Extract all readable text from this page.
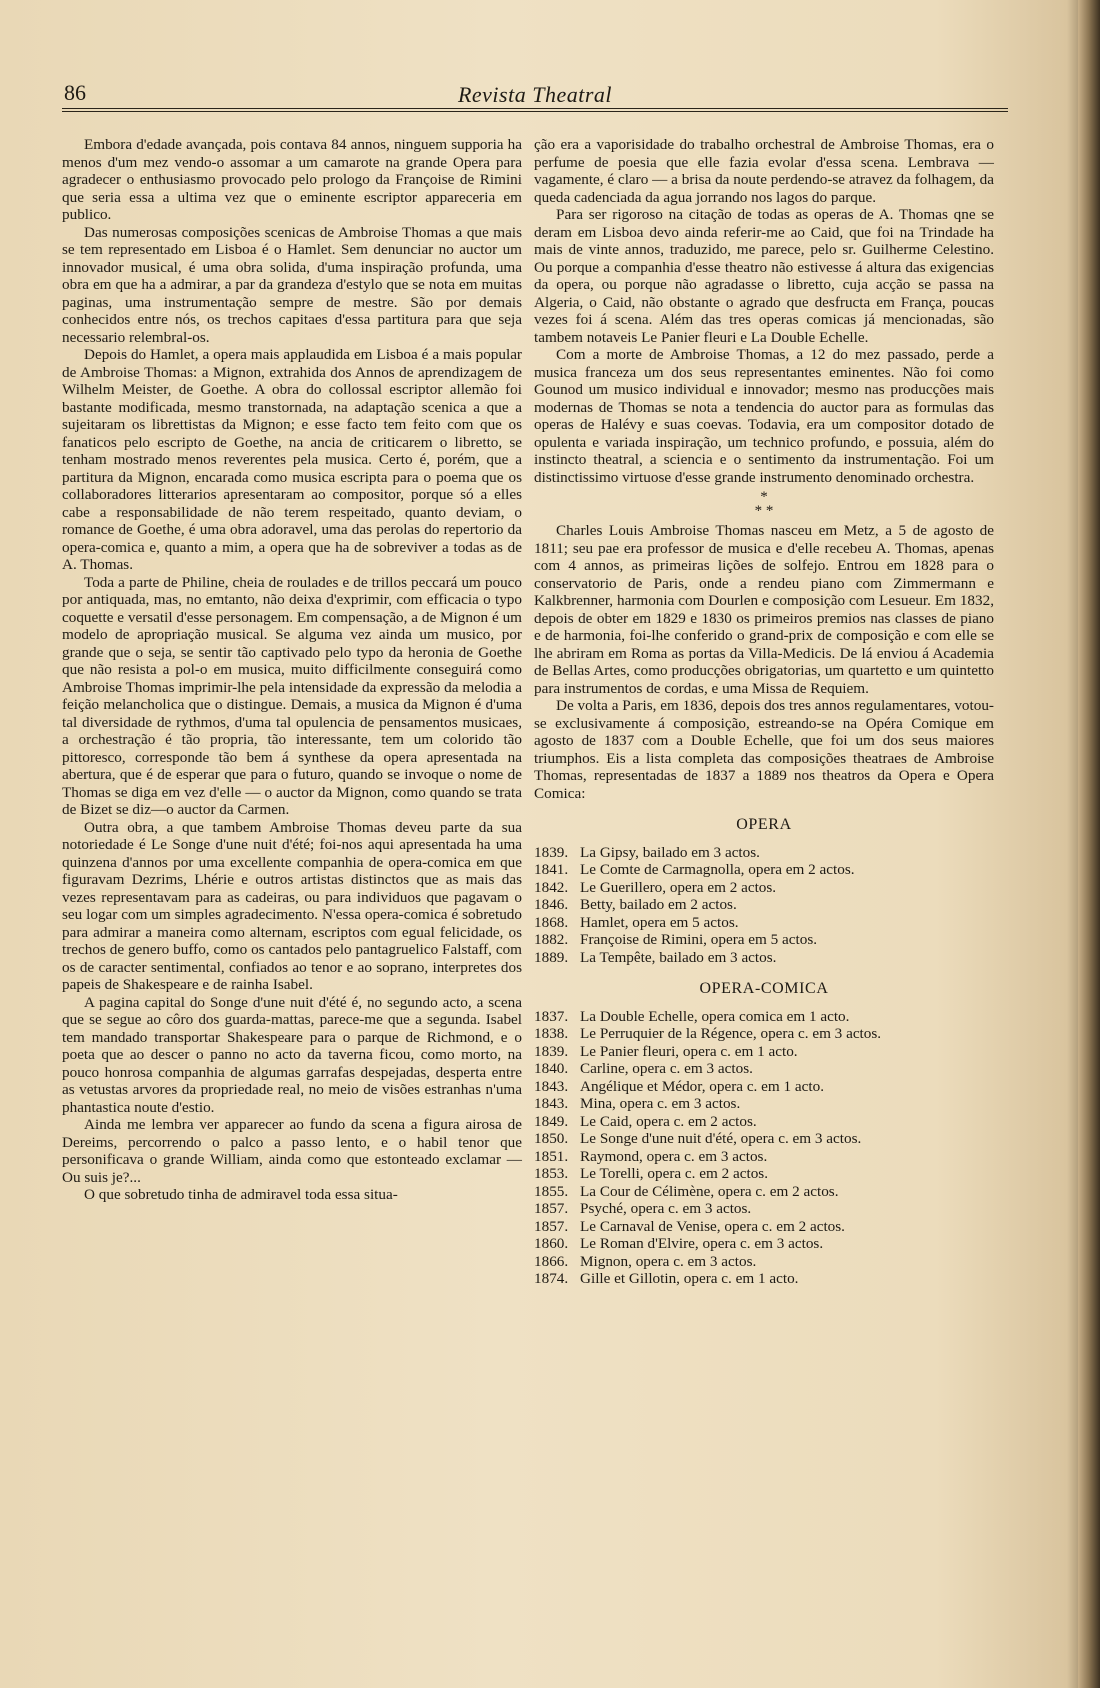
86	Revista Theatral

Embora d'edade avançada, pois contava 84 annos, ninguem supporia ha menos d'um mez vendo-o assomar a um camarote na grande Opera para agradecer o enthusiasmo provocado pelo prologo da Françoise de Rimini que seria essa a ultima vez que o eminente escriptor appareceria em publico.

Das numerosas composições scenicas de Ambroise Thomas a que mais se tem representado em Lisboa é o Hamlet. Sem denunciar no auctor um innovador musical, é uma obra solida, d'uma inspiração profunda, uma obra em que ha a admirar, a par da grandeza d'estylo que se nota em muitas paginas, uma instrumentação sempre de mestre. São por demais conhecidos entre nós, os trechos capitaes d'essa partitura para que seja necessario relembral-os.

Depois do Hamlet, a opera mais applaudida em Lisboa é a mais popular de Ambroise Thomas: a Mignon, extrahida dos Annos de aprendizagem de Wilhelm Meister, de Goethe. A obra do collossal escriptor allemão foi bastante modificada, mesmo transtornada, na adaptação scenica a que a sujeitaram os librettistas da Mignon; e esse facto tem feito com que os fanaticos pelo escripto de Goethe, na ancia de criticarem o libretto, se tenham mostrado menos reverentes pela musica. Certo é, porém, que a partitura da Mignon, encarada como musica escripta para o poema que os collaboradores litterarios apresentaram ao compositor, porque só a elles cabe a responsabilidade de não terem respeitado, quanto deviam, o romance de Goethe, é uma obra adoravel, uma das perolas do repertorio da opera-comica e, quanto a mim, a opera que ha de sobreviver a todas as de A. Thomas.

Toda a parte de Philine, cheia de roulades e de trillos peccará um pouco por antiquada, mas, no emtanto, não deixa d'exprimir, com efficacia o typo coquette e versatil d'esse personagem. Em compensação, a de Mignon é um modelo de apropriação musical. Se alguma vez ainda um musico, por grande que o seja, se sentir tão captivado pelo typo da heronia de Goethe que não resista a pol-o em musica, muito difficilmente conseguirá como Ambroise Thomas imprimir-lhe pela intensidade da expressão da melodia a feição melancholica que o distingue. Demais, a musica da Mignon é d'uma tal diversidade de rythmos, d'uma tal opulencia de pensamentos musicaes, a orchestração é tão propria, tão interessante, tem um colorido tão pittoresco, corresponde tão bem á synthese da opera apresentada na abertura, que é de esperar que para o futuro, quando se invoque o nome de Thomas se diga em vez d'elle — o auctor da Mignon, como quando se trata de Bizet se diz—o auctor da Carmen.

Outra obra, a que tambem Ambroise Thomas deveu parte da sua notoriedade é Le Songe d'une nuit d'été; foi-nos aqui apresentada ha uma quinzena d'annos por uma excellente companhia de opera-comica em que figuravam Dezrims, Lhérie e outros artistas distinctos que as mais das vezes representavam para as cadeiras, ou para individuos que pagavam o seu logar com um simples agradecimento. N'essa opera-comica é sobretudo para admirar a maneira como alternam, escriptos com egual felicidade, os trechos de genero buffo, como os cantados pelo pantagruelico Falstaff, com os de caracter sentimental, confiados ao tenor e ao soprano, interpretes dos papeis de Shakespeare e de rainha Isabel.

A pagina capital do Songe d'une nuit d'été é, no segundo acto, a scena que se segue ao côro dos guarda-mattas, parece-me que a segunda. Isabel tem mandado transportar Shakespeare para o parque de Richmond, e o poeta que ao descer o panno no acto da taverna ficou, como morto, na pouco honrosa companhia de algumas garrafas despejadas, desperta entre as vetustas arvores da propriedade real, no meio de visões estranhas n'uma phantastica noute d'estio.

Ainda me lembra ver apparecer ao fundo da scena a figura airosa de Dereims, percorrendo o palco a passo lento, e o habil tenor que personificava o grande William, ainda como que estonteado exclamar — Ou suis je?...

O que sobretudo tinha de admiravel toda essa situa-

ção era a vaporisidade do trabalho orchestral de Ambroise Thomas, era o perfume de poesia que elle fazia evolar d'essa scena. Lembrava — vagamente, é claro — a brisa da noute perdendo-se atravez da folhagem, da queda cadenciada da agua jorrando nos lagos do parque.

Para ser rigoroso na citação de todas as operas de A. Thomas qne se deram em Lisboa devo ainda referir-me ao Caid, que foi na Trindade ha mais de vinte annos, traduzido, me parece, pelo sr. Guilherme Celestino. Ou porque a companhia d'esse theatro não estivesse á altura das exigencias da opera, ou porque não agradasse o libretto, cuja acção se passa na Algeria, o Caid, não obstante o agrado que desfructa em França, poucas vezes foi á scena. Além das tres operas comicas já mencionadas, são tambem notaveis Le Panier fleuri e La Double Echelle.

Com a morte de Ambroise Thomas, a 12 do mez passado, perde a musica franceza um dos seus representantes eminentes. Não foi como Gounod um musico individual e innovador; mesmo nas producções mais modernas de Thomas se nota a tendencia do auctor para as formulas das operas de Halévy e suas coevas. Todavia, era um compositor dotado de opulenta e variada inspiração, um technico profundo, e possuia, além do instincto theatral, a sciencia e o sentimento da instrumentação. Foi um distinctissimo virtuose d'esse grande instrumento denominado orchestra.

*
* *

Charles Louis Ambroise Thomas nasceu em Metz, a 5 de agosto de 1811; seu pae era professor de musica e d'elle recebeu A. Thomas, apenas com 4 annos, as primeiras lições de solfejo. Entrou em 1828 para o conservatorio de Paris, onde a rendeu piano com Zimmermann e Kalkbrenner, harmonia com Dourlen e composição com Lesueur. Em 1832, depois de obter em 1829 e 1830 os primeiros premios nas classes de piano e de harmonia, foi-lhe conferido o grand-prix de composição e com elle se lhe abriram em Roma as portas da Villa-Medicis. De lá enviou á Academia de Bellas Artes, como producções obrigatorias, um quartetto e um quintetto para instrumentos de cordas, e uma Missa de Requiem.

De volta a Paris, em 1836, depois dos tres annos regulamentares, votou-se exclusivamente á composição, estreando-se na Opéra Comique em agosto de 1837 com a Double Echelle, que foi um dos seus maiores triumphos. Eis a lista completa das composições theatraes de Ambroise Thomas, representadas de 1837 a 1889 nos theatros da Opera e Opera Comica:

OPERA
1839. La Gipsy, bailado em 3 actos.
1841. Le Comte de Carmagnolla, opera em 2 actos.
1842. Le Guerillero, opera em 2 actos.
1846. Betty, bailado em 2 actos.
1868. Hamlet, opera em 5 actos.
1882. Françoise de Rimini, opera em 5 actos.
1889. La Tempête, bailado em 3 actos.
OPERA-COMICA
1837. La Double Echelle, opera comica em 1 acto.
1838. Le Perruquier de la Régence, opera c. em 3 actos.
1839. Le Panier fleuri, opera c. em 1 acto.
1840. Carline, opera c. em 3 actos.
1843. Angélique et Médor, opera c. em 1 acto.
1843. Mina, opera c. em 3 actos.
1849. Le Caid, opera c. em 2 actos.
1850. Le Songe d'une nuit d'été, opera c. em 3 actos.
1851. Raymond, opera c. em 3 actos.
1853. Le Torelli, opera c. em 2 actos.
1855. La Cour de Célimène, opera c. em 2 actos.
1857. Psyché, opera c. em 3 actos.
1857. Le Carnaval de Venise, opera c. em 2 actos.
1860. Le Roman d'Elvire, opera c. em 3 actos.
1866. Mignon, opera c. em 3 actos.
1874. Gille et Gillotin, opera c. em 1 acto.
